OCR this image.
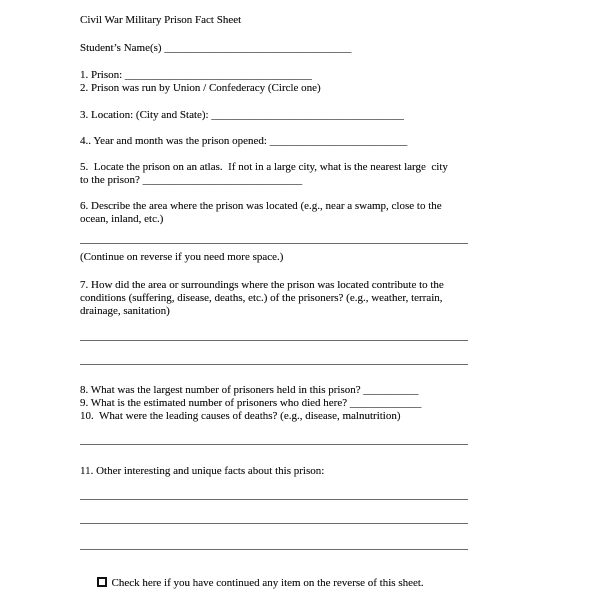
Civil War Military Prison Fact Sheet
Student’s Name(s) __________________________________
1. Prison: __________________________________
2. Prison was run by Union / Confederacy (Circle one)
3. Location: (City and State): ___________________________________
4.. Year and month was the prison opened: _________________________
5.  Locate the prison on an atlas.  If not in a large city, what is the nearest large  city
to the prison? _____________________________
6. Describe the area where the prison was located (e.g., near a swamp, close to the
ocean, inland, etc.)
(Continue on reverse if you need more space.)
7. How did the area or surroundings where the prison was located contribute to the
conditions (suffering, disease, deaths, etc.) of the prisoners? (e.g., weather, terrain,
drainage, sanitation)
8. What was the largest number of prisoners held in this prison? __________
9. What is the estimated number of prisoners who died here? _____________
10.  What were the leading causes of deaths? (e.g., disease, malnutrition)
11. Other interesting and unique facts about this prison:

Check here if you have continued any item on the reverse of this sheet.
